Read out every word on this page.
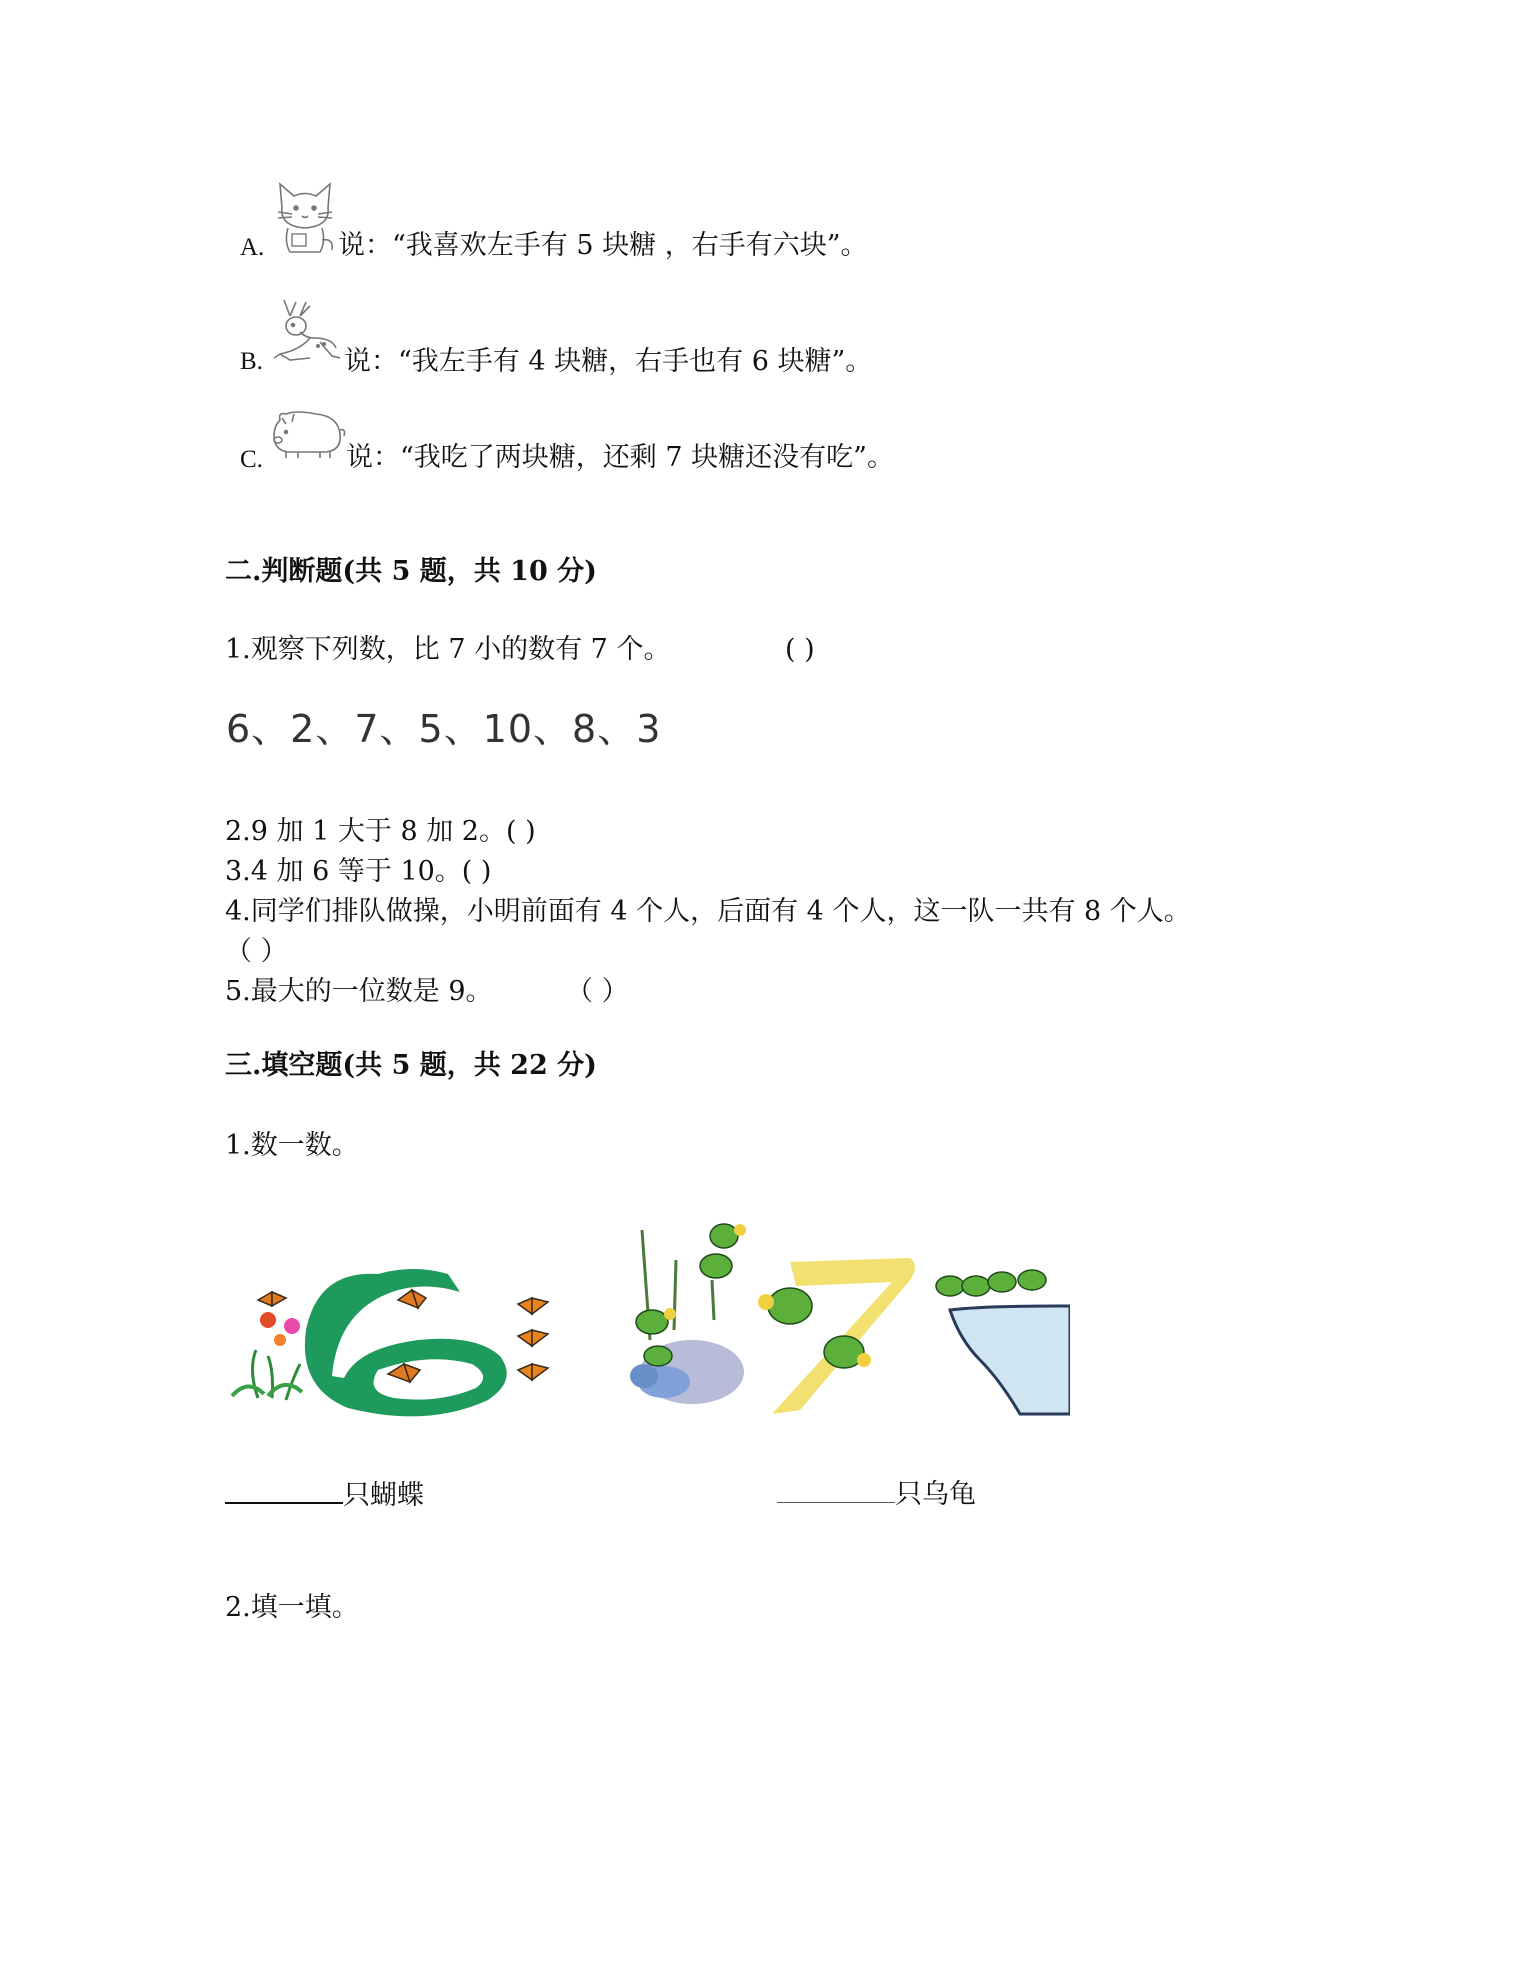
A.	说：“我喜欢左手有 5 块糖 ，右手有六块”。
B.	说：“我左手有 4 块糖，右手也有 6 块糖”。
C.	说：“我吃了两块糖，还剩 7 块糖还没有吃”。
二.判断题(共 5 题，共 10 分)
1.观察下列数，比 7 小的数有 7 个。	( )
6、2、7、5、10、8、3
2.9 加 1 大于 8 加 2。( )
3.4 加 6 等于 10。( )
4.同学们排队做操，小明前面有 4 个人，后面有 4 个人，这一队一共有 8 个人。
（ ）
5.最大的一位数是 9。	（ ）
三.填空题(共 5 题，共 22 分)
1.数一数。
只蝴蝶	只乌龟
2.填一填。
